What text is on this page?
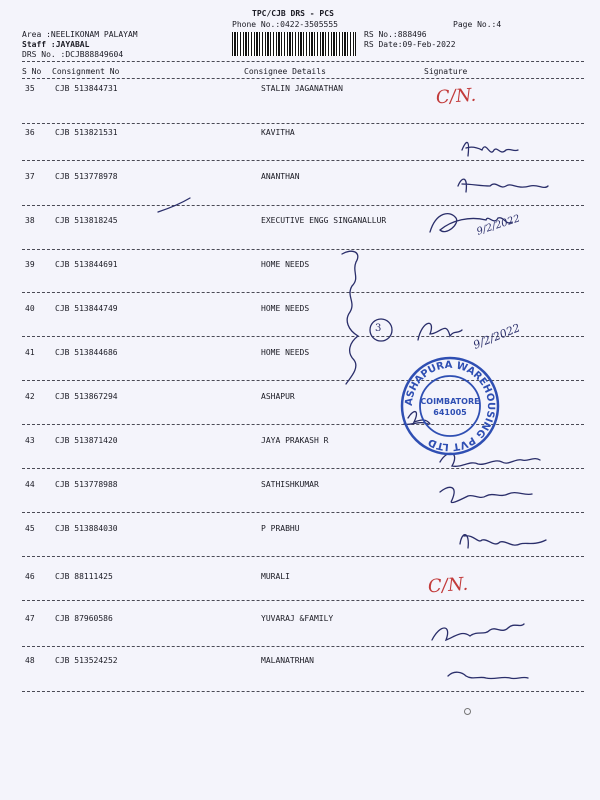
TPC/CJB DRS - PCS
Phone No.:0422-3505555	Page No.:4
Area :NEELIKONAM PALAYAM
Staff :JAYABAL
DRS No. :DCJB88849604
RS No.:888496
RS Date:09-Feb-2022
S No Consignment No	Consignee Details	Signature
35	CJB 513844731	STALIN JAGANATHAN
36	CJB 513821531	KAVITHA
37	CJB 513778978	ANANTHAN
38	CJB 513818245	EXECUTIVE ENGG SINGANALLUR
39	CJB 513844691	HOME NEEDS
40	CJB 513844749	HOME NEEDS
41	CJB 513844686	HOME NEEDS
42	CJB 513867294	ASHAPUR
43	CJB 513871420	JAYA PRAKASH R
44	CJB 513778988	SATHISHKUMAR
45	CJB 513884030	P PRABHU
46	CJB 88111425	MURALI
47	CJB 87960586	YUVARAJ &FAMILY
48	CJB 513524252	MALANATRHAN
C/N.
C/N.
9/2/2022
9/2/2022
3
ASHAPURA WAREHOUSING PVT LTD
COIMBATORE
641005
